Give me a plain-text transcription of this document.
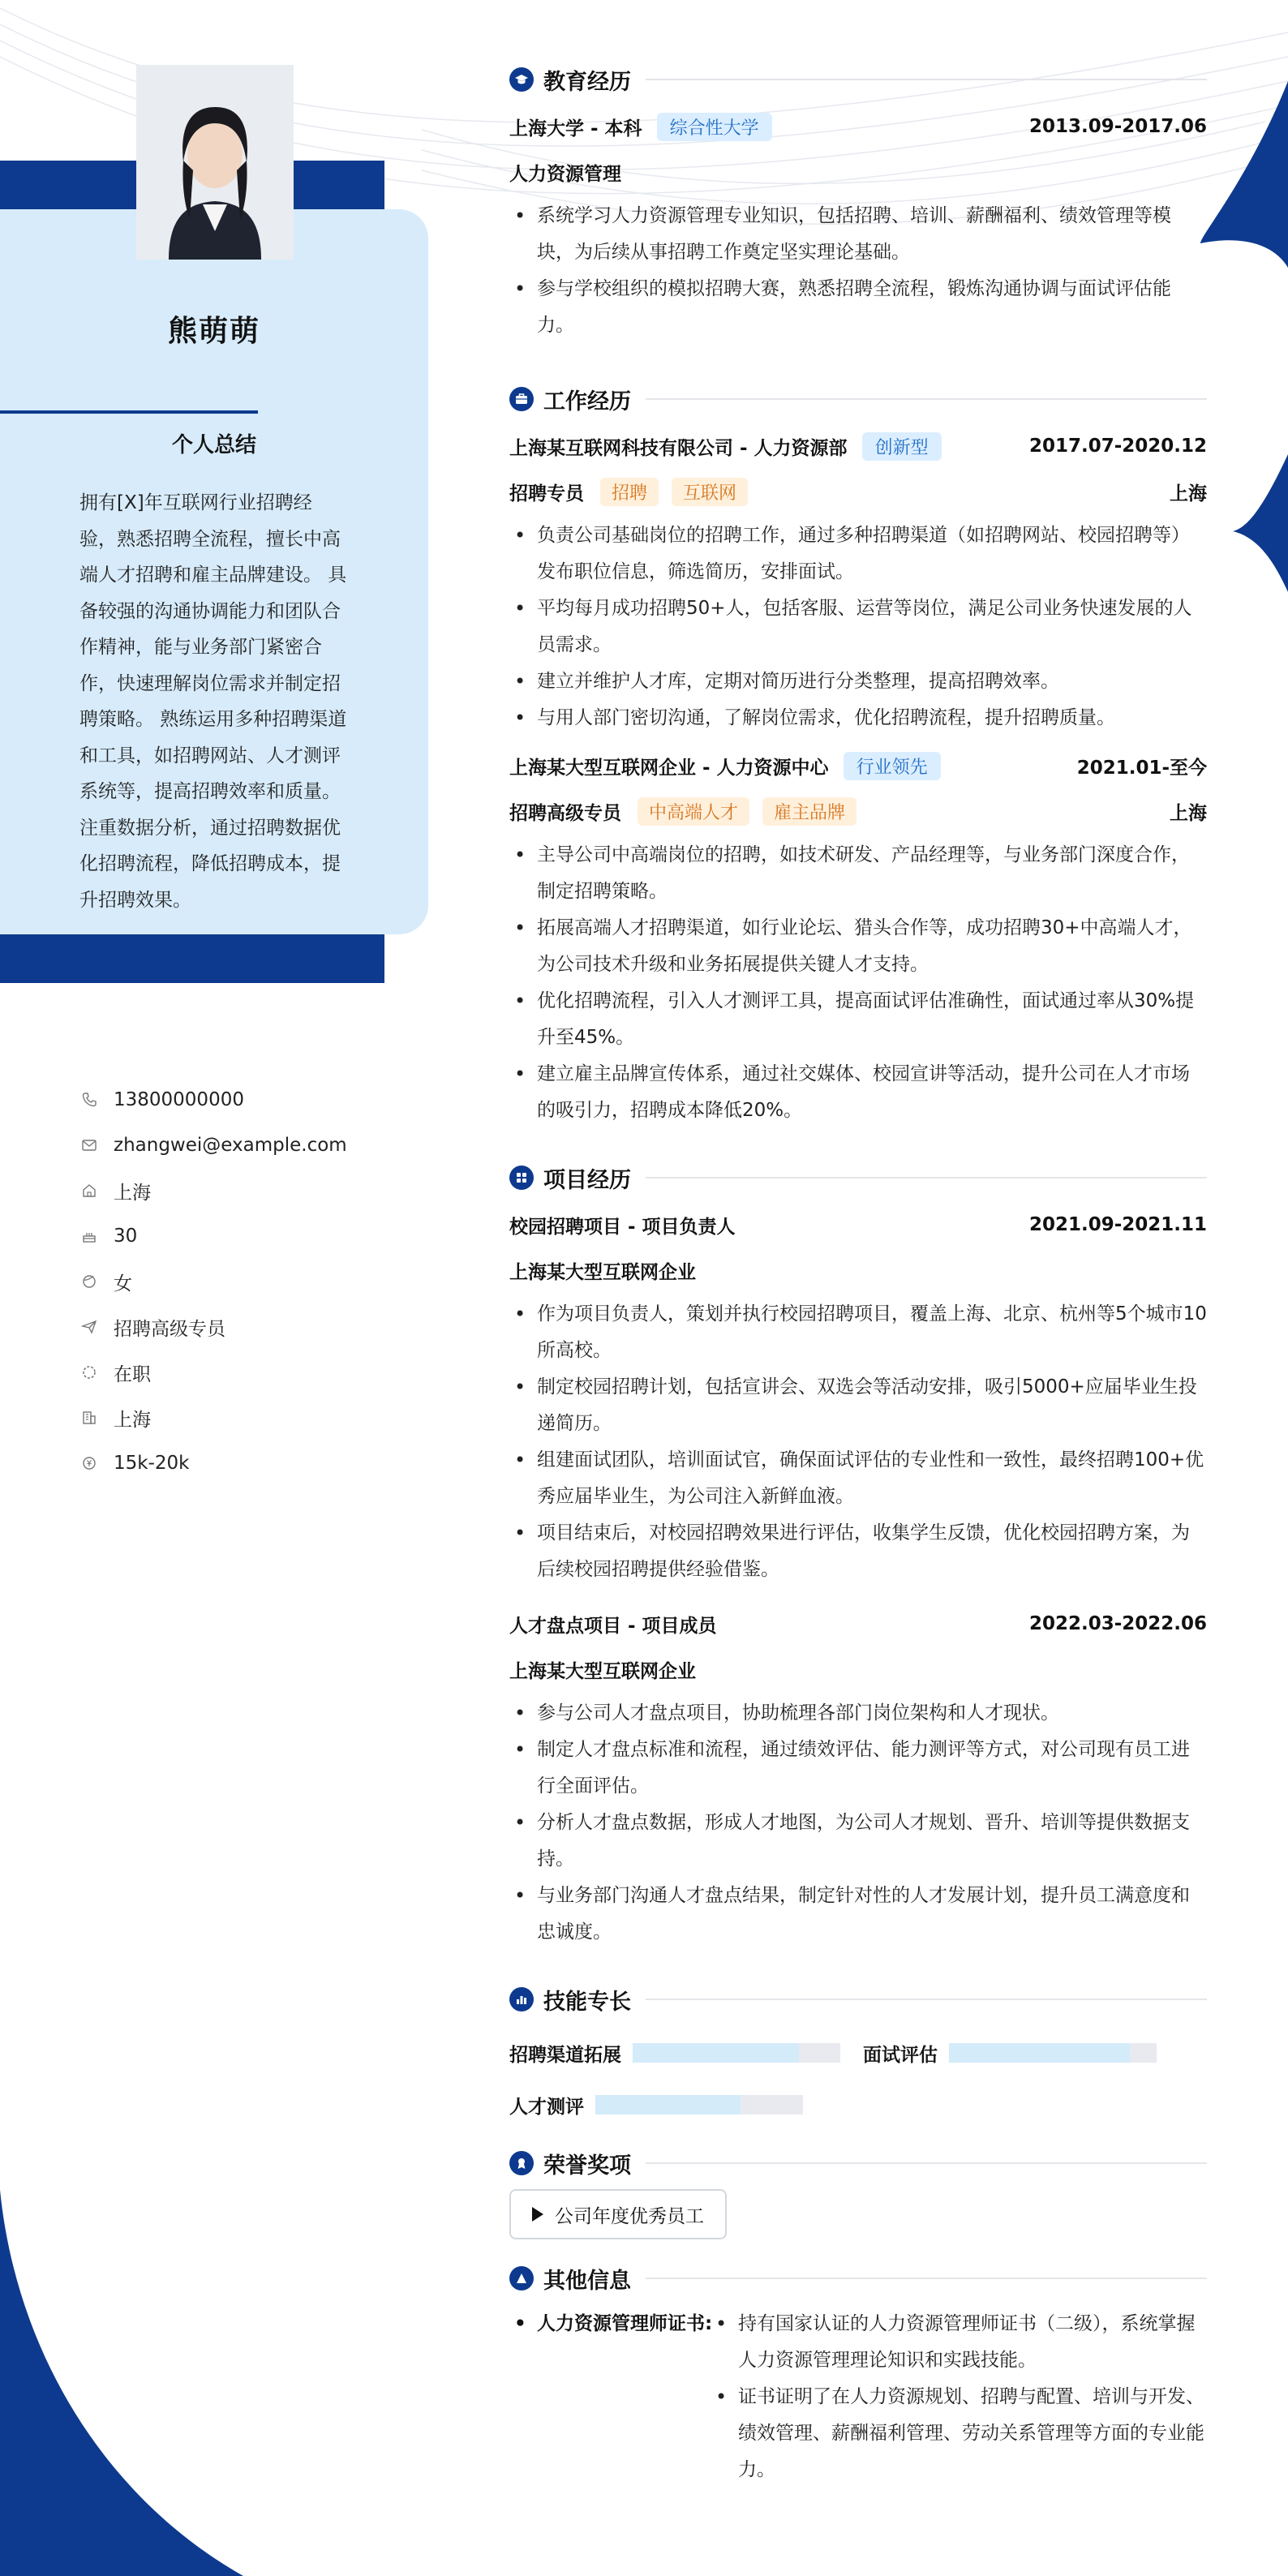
熊萌萌
个人总结
拥有[X]年互联网行业招聘经验，熟悉招聘全流程，擅长中高端人才招聘和雇主品牌建设。 具备较强的沟通协调能力和团队合作精神，能与业务部门紧密合作，快速理解岗位需求并制定招聘策略。 熟练运用多种招聘渠道和工具，如招聘网站、人才测评系统等，提高招聘效率和质量。 注重数据分析，通过招聘数据优化招聘流程，降低招聘成本，提升招聘效果。
13800000000
zhangwei@example.com
上海
30
女
招聘高级专员
在职
上海
15k-20k
教育经历
上海大学 - 本科	综合性大学	2013.09-2017.06
人力资源管理
• 系统学习人力资源管理专业知识，包括招聘、培训、薪酬福利、绩效管理等模块，为后续从事招聘工作奠定坚实理论基础。
• 参与学校组织的模拟招聘大赛，熟悉招聘全流程，锻炼沟通协调与面试评估能力。
工作经历
上海某互联网科技有限公司 - 人力资源部	创新型	2017.07-2020.12
招聘专员	招聘	互联网	上海
• 负责公司基础岗位的招聘工作，通过多种招聘渠道（如招聘网站、校园招聘等）发布职位信息，筛选简历，安排面试。
• 平均每月成功招聘50+人，包括客服、运营等岗位，满足公司业务快速发展的人员需求。
• 建立并维护人才库，定期对简历进行分类整理，提高招聘效率。
• 与用人部门密切沟通，了解岗位需求，优化招聘流程，提升招聘质量。
上海某大型互联网企业 - 人力资源中心	行业领先	2021.01-至今
招聘高级专员	中高端人才	雇主品牌	上海
• 主导公司中高端岗位的招聘，如技术研发、产品经理等，与业务部门深度合作，制定招聘策略。
• 拓展高端人才招聘渠道，如行业论坛、猎头合作等，成功招聘30+中高端人才，为公司技术升级和业务拓展提供关键人才支持。
• 优化招聘流程，引入人才测评工具，提高面试评估准确性，面试通过率从30%提升至45%。
• 建立雇主品牌宣传体系，通过社交媒体、校园宣讲等活动，提升公司在人才市场的吸引力，招聘成本降低20%。
项目经历
校园招聘项目 - 项目负责人	2021.09-2021.11
上海某大型互联网企业
• 作为项目负责人，策划并执行校园招聘项目，覆盖上海、北京、杭州等5个城市10所高校。
• 制定校园招聘计划，包括宣讲会、双选会等活动安排，吸引5000+应届毕业生投递简历。
• 组建面试团队，培训面试官，确保面试评估的专业性和一致性，最终招聘100+优秀应届毕业生，为公司注入新鲜血液。
• 项目结束后，对校园招聘效果进行评估，收集学生反馈，优化校园招聘方案，为后续校园招聘提供经验借鉴。
人才盘点项目 - 项目成员	2022.03-2022.06
上海某大型互联网企业
• 参与公司人才盘点项目，协助梳理各部门岗位架构和人才现状。
• 制定人才盘点标准和流程，通过绩效评估、能力测评等方式，对公司现有员工进行全面评估。
• 分析人才盘点数据，形成人才地图，为公司人才规划、晋升、培训等提供数据支持。
• 与业务部门沟通人才盘点结果，制定针对性的人才发展计划，提升员工满意度和忠诚度。
技能专长
招聘渠道拓展	面试评估
人才测评
荣誉奖项
公司年度优秀员工
其他信息
• 人力资源管理师证书:
•	持有国家认证的人力资源管理师证书（二级），系统掌握人力资源管理理论知识和实践技能。
• 证书证明了在人力资源规划、招聘与配置、培训与开发、绩效管理、薪酬福利管理、劳动关系管理等方面的专业能力。
